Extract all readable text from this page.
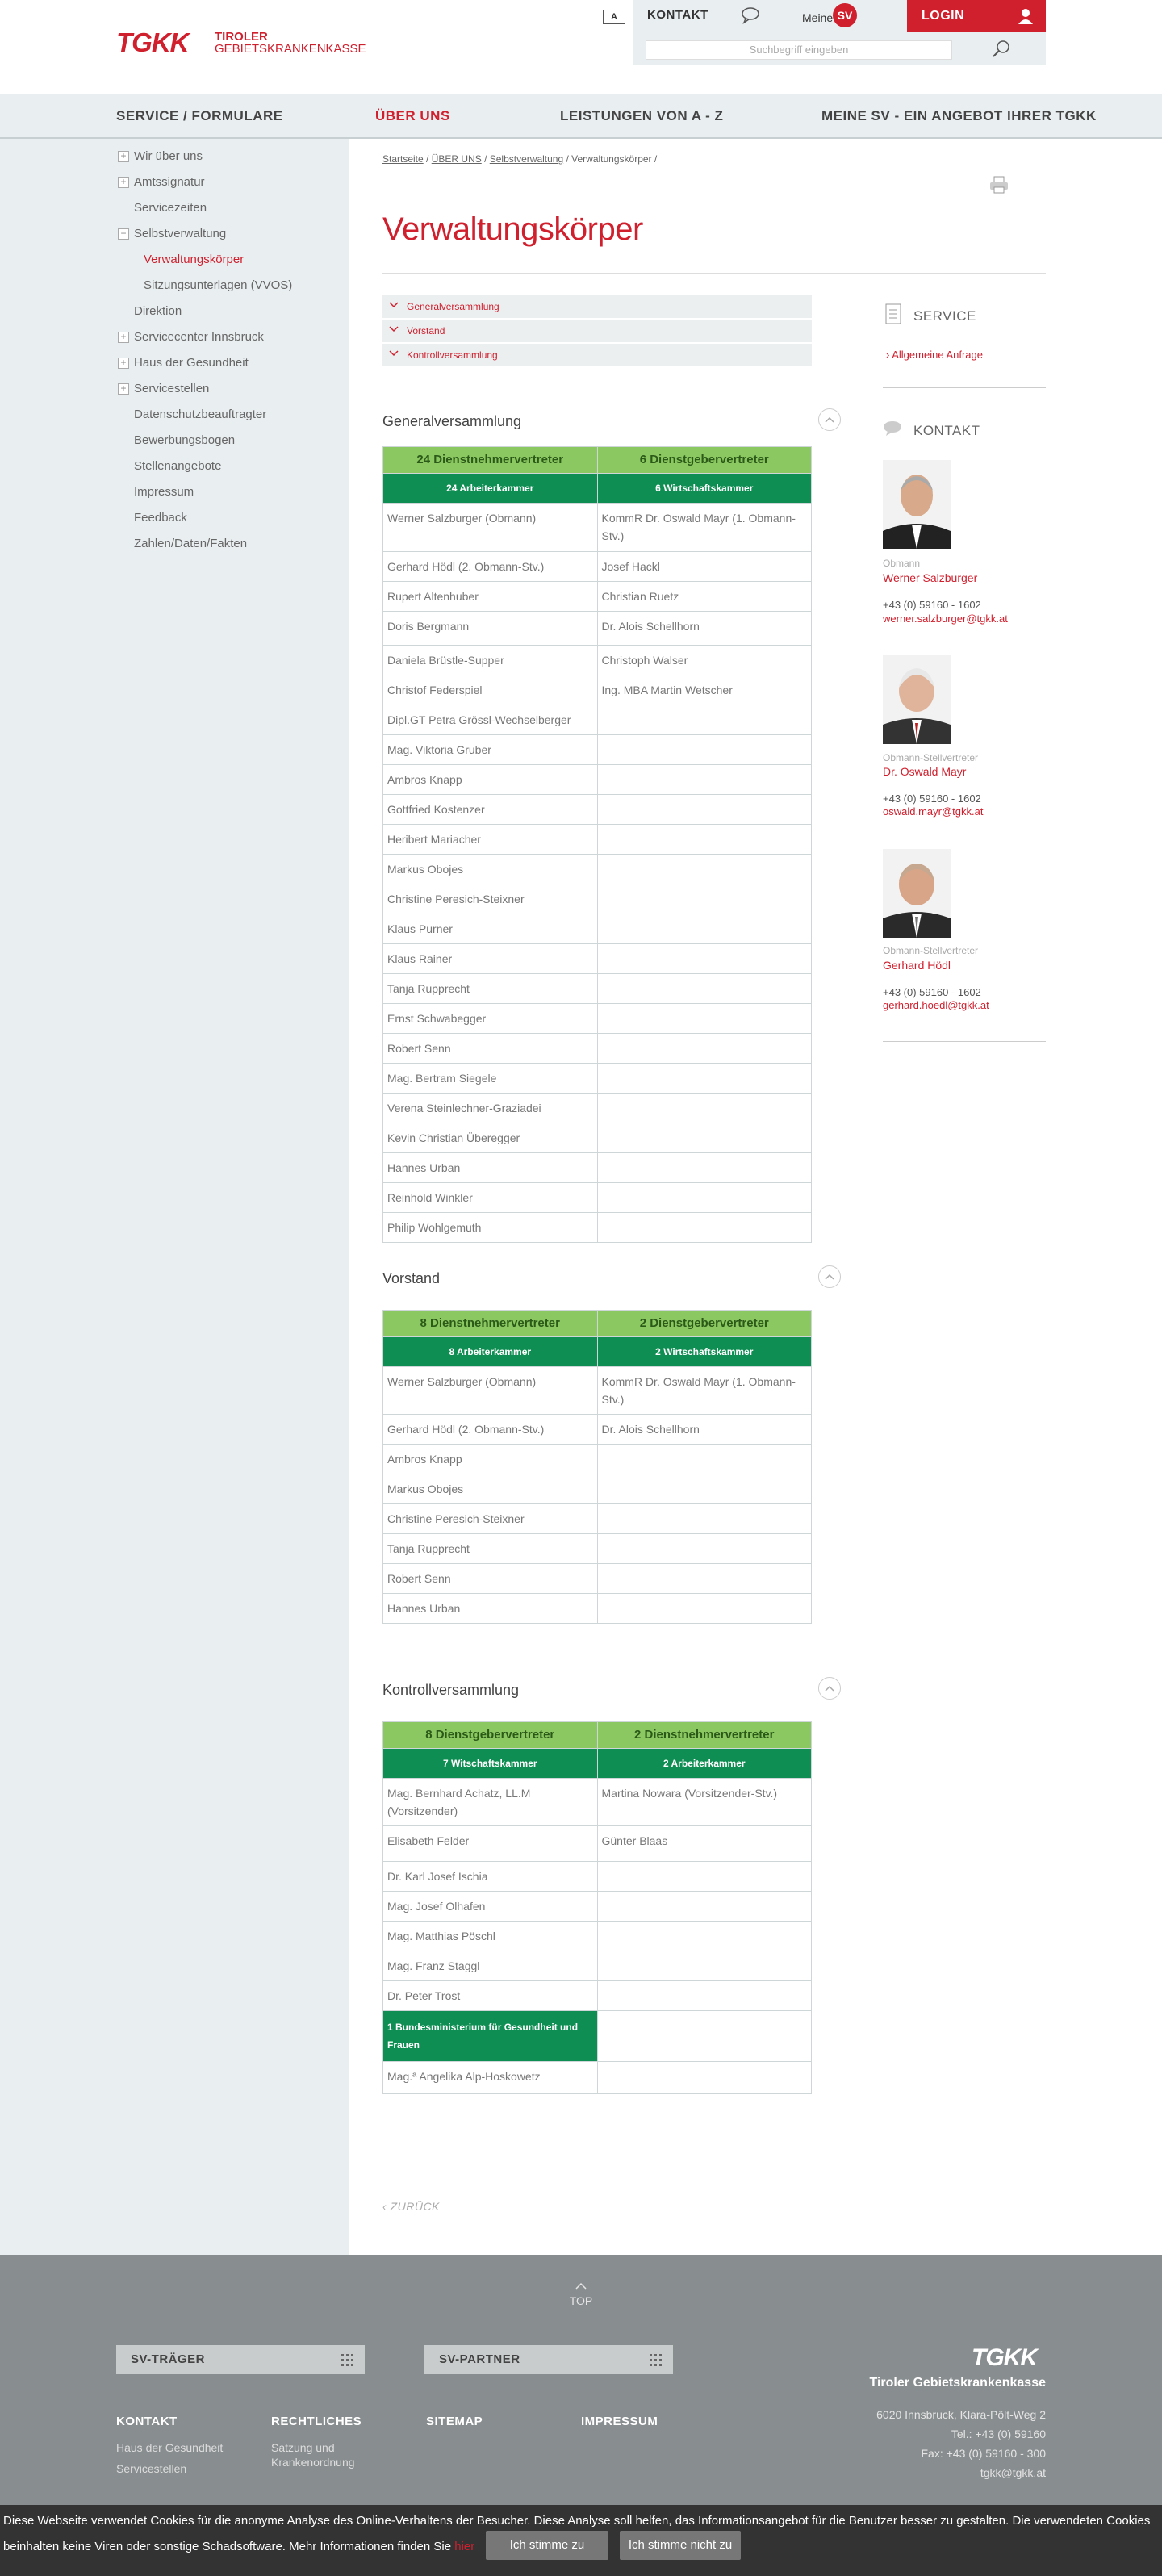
TGKK TIROLER
GEBIETSKRANKENKASSE
A	KONTAKT	Meine SV	LOGIN
Suchbegriff eingeben
SERVICE / FORMULARE	ÜBER UNS	LEISTUNGEN VON A - Z	MEINE SV - EIN ANGEBOT IHRER TGKK
+ Wir über uns
+ Amtssignatur
Servicezeiten
− Selbstverwaltung
Verwaltungskörper
Sitzungsunterlagen (VVOS)
Direktion
+ Servicecenter Innsbruck
+ Haus der Gesundheit
+ Servicestellen
Datenschutzbeauftragter
Bewerbungsbogen
Stellenangebote
Impressum
Feedback
Zahlen/Daten/Fakten
Startseite / ÜBER UNS / Selbstverwaltung / Verwaltungskörper /
Verwaltungskörper
Generalversammlung
Vorstand
Kontrollversammlung
Generalversammlung
24 Dienstnehmervertreter	6 Dienstgebervertreter
24 Arbeiterkammer	6 Wirtschaftskammer
Werner Salzburger (Obmann)	KommR Dr. Oswald Mayr (1. Obmann-Stv.)
Gerhard Hödl (2. Obmann-Stv.)	Josef Hackl
Rupert Altenhuber	Christian Ruetz
Doris Bergmann	Dr. Alois Schellhorn
Daniela Brüstle-Supper	Christoph Walser
Christof Federspiel	Ing. MBA Martin Wetscher
Dipl.GT Petra Grössl-Wechselberger	
Mag. Viktoria Gruber	
Ambros Knapp	
Gottfried Kostenzer	
Heribert Mariacher	
Markus Obojes	
Christine Peresich-Steixner	
Klaus Purner	
Klaus Rainer	
Tanja Rupprecht	
Ernst Schwabegger	
Robert Senn	
Mag. Bertram Siegele	
Verena Steinlechner-Graziadei	
Kevin Christian Überegger	
Hannes Urban	
Reinhold Winkler	
Philip Wohlgemuth	
Vorstand
8 Dienstnehmervertreter	2 Dienstgebervertreter
8 Arbeiterkammer	2 Wirtschaftskammer
Werner Salzburger (Obmann)	KommR Dr. Oswald Mayr (1. Obmann-Stv.)
Gerhard Hödl (2. Obmann-Stv.)	Dr. Alois Schellhorn
Ambros Knapp	
Markus Obojes	
Christine Peresich-Steixner	
Tanja Rupprecht	
Robert Senn	
Hannes Urban	
Kontrollversammlung
8 Dienstgebervertreter	2 Dienstnehmervertreter
7 Witschaftskammer	2 Arbeiterkammer
Mag. Bernhard Achatz, LL.M (Vorsitzender)	Martina Nowara (Vorsitzender-Stv.)
Elisabeth Felder	Günter Blaas
Dr. Karl Josef Ischia	
Mag. Josef Olhafen	
Mag. Matthias Pöschl	
Mag. Franz Staggl	
Dr. Peter Trost	
1 Bundesministerium für Gesundheit und Frauen	
Mag.ª Angelika Alp-Hoskowetz	
SERVICE
› Allgemeine Anfrage
KONTAKT
Obmann
Werner Salzburger
+43 (0) 59160 - 1602
werner.salzburger@tgkk.at
Obmann-Stellvertreter
Dr. Oswald Mayr
+43 (0) 59160 - 1602
oswald.mayr@tgkk.at
Obmann-Stellvertreter
Gerhard Hödl
+43 (0) 59160 - 1602
gerhard.hoedl@tgkk.at
‹ ZURÜCK
TOP
SV-TRÄGER	SV-PARTNER	TGKK
Tiroler Gebietskrankenkasse
6020 Innsbruck, Klara-Pölt-Weg 2
Tel.: +43 (0) 59160
Fax: +43 (0) 59160 - 300
tgkk@tgkk.at
KONTAKT
Haus der Gesundheit
Servicestellen
RECHTLICHES
Satzung und Krankenordnung
SITEMAP	IMPRESSUM
Diese Webseite verwendet Cookies für die anonyme Analyse des Online-Verhaltens der Besucher. Diese Analyse soll helfen, das Informationsangebot für die Benutzer besser zu gestalten. Die verwendeten Cookies beinhalten keine Viren oder sonstige Schadsoftware. Mehr Informationen finden Sie hier	Ich stimme zu	Ich stimme nicht zu
